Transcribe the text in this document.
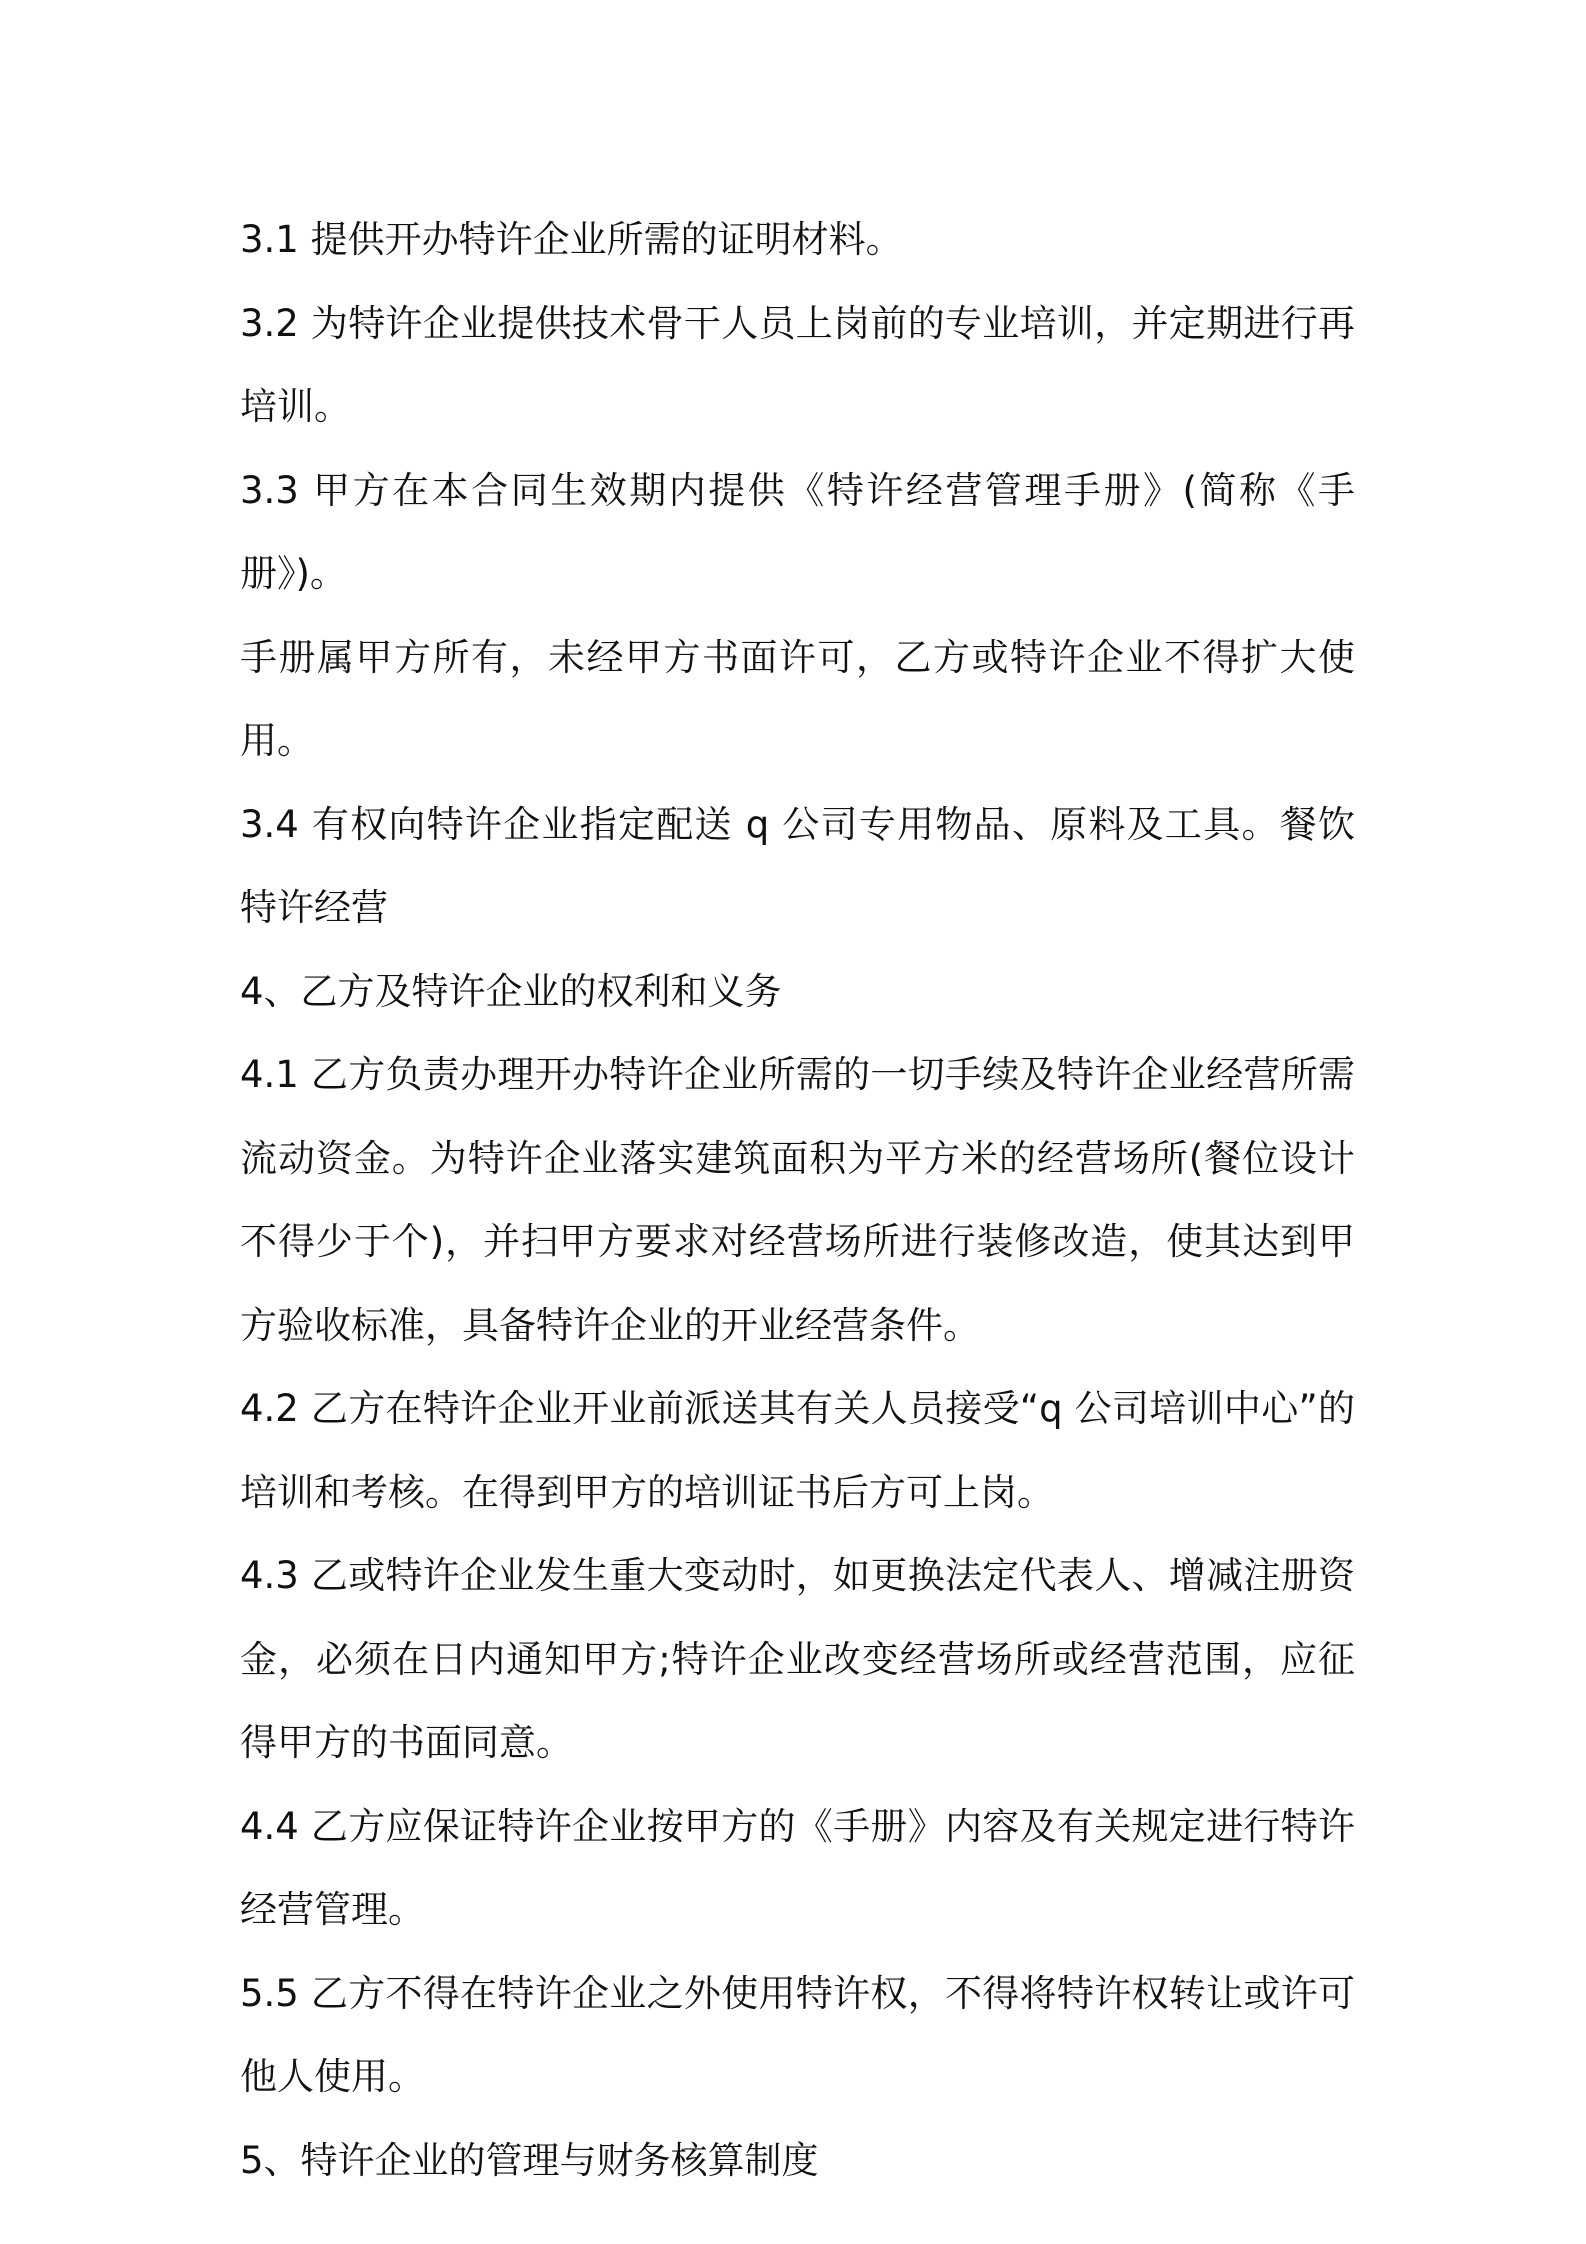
3.1 提供开办特许企业所需的证明材料。

3.2 为特许企业提供技术骨干人员上岗前的专业培训，并定期进行再培训。

3.3 甲方在本合同生效期内提供《特许经营管理手册》(简称《手册》)。

手册属甲方所有，未经甲方书面许可，乙方或特许企业不得扩大使用。

3.4 有权向特许企业指定配送 q 公司专用物品、原料及工具。餐饮特许经营

4、乙方及特许企业的权利和义务

4.1 乙方负责办理开办特许企业所需的一切手续及特许企业经营所需流动资金。为特许企业落实建筑面积为平方米的经营场所(餐位设计不得少于个)，并扫甲方要求对经营场所进行装修改造，使其达到甲方验收标准，具备特许企业的开业经营条件。

4.2 乙方在特许企业开业前派送其有关人员接受“q 公司培训中心”的培训和考核。在得到甲方的培训证书后方可上岗。

4.3 乙或特许企业发生重大变动时，如更换法定代表人、增减注册资金，必须在日内通知甲方;特许企业改变经营场所或经营范围，应征得甲方的书面同意。

4.4 乙方应保证特许企业按甲方的《手册》内容及有关规定进行特许经营管理。

5.5 乙方不得在特许企业之外使用特许权，不得将特许权转让或许可他人使用。

5、特许企业的管理与财务核算制度
